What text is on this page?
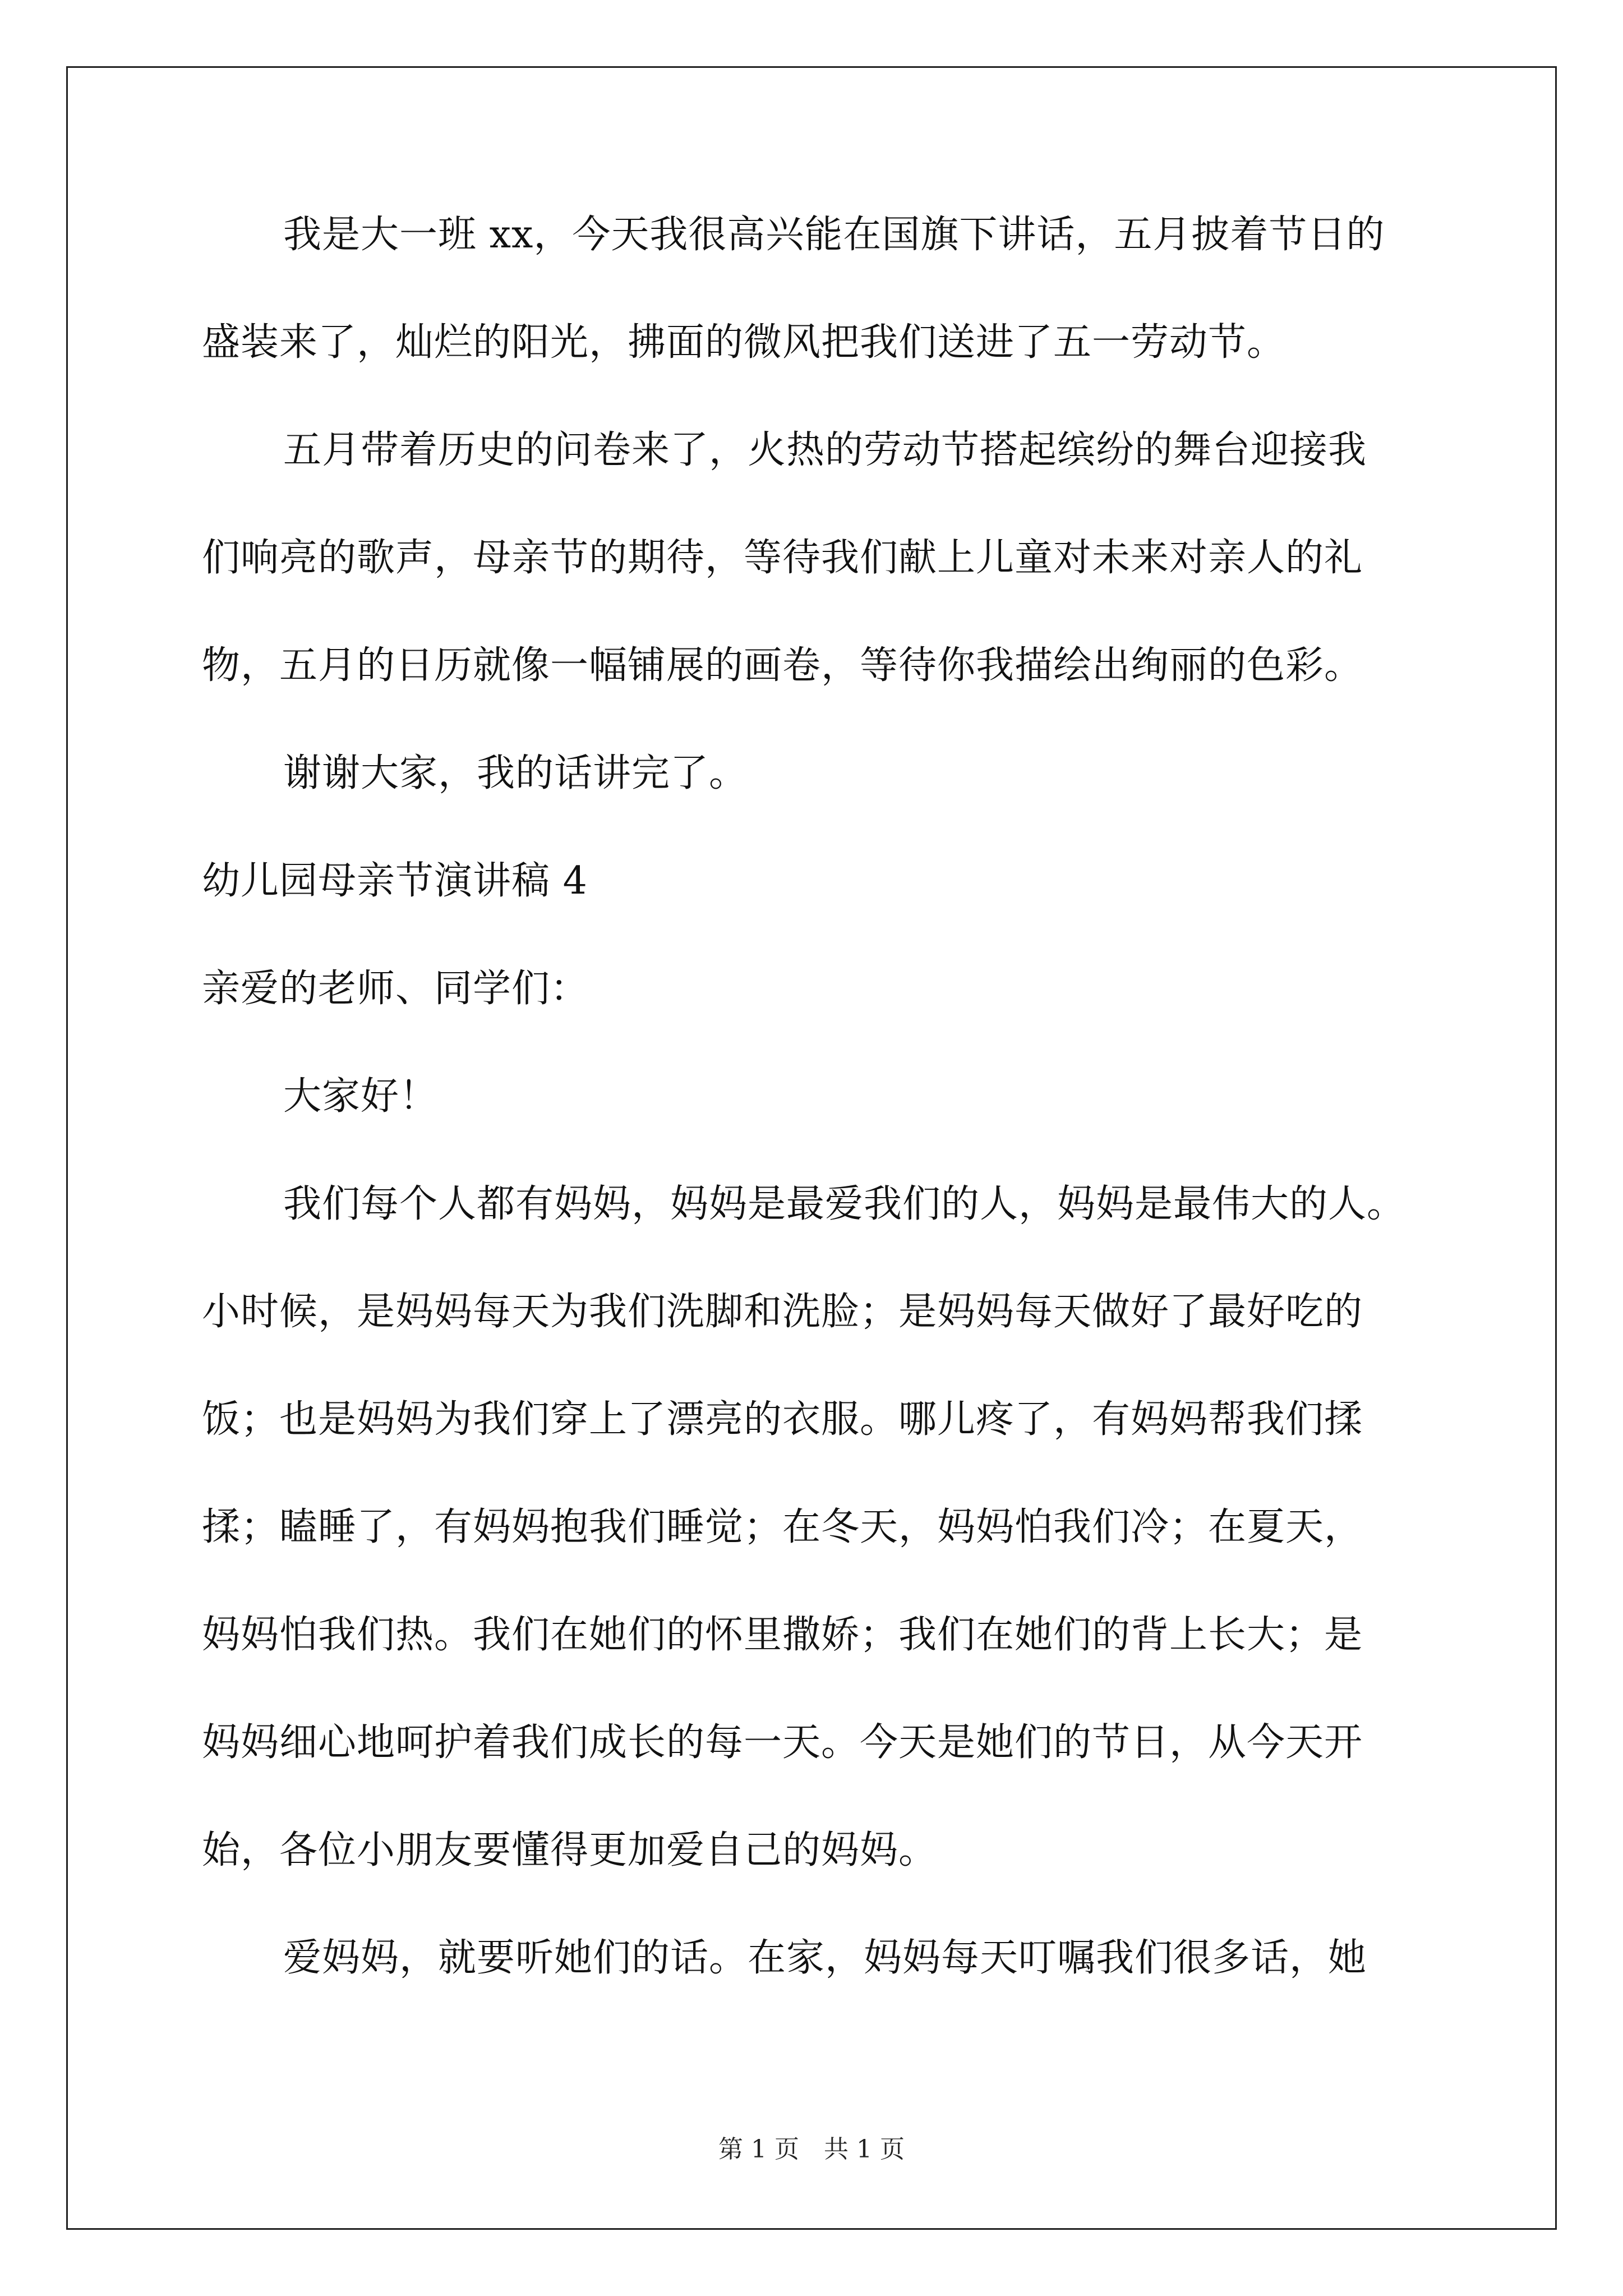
我是大一班 xx，今天我很高兴能在国旗下讲话，五月披着节日的
盛装来了，灿烂的阳光，拂面的微风把我们送进了五一劳动节。
五月带着历史的问卷来了，火热的劳动节搭起缤纷的舞台迎接我
们响亮的歌声，母亲节的期待，等待我们献上儿童对未来对亲人的礼
物，五月的日历就像一幅铺展的画卷，等待你我描绘出绚丽的色彩。
谢谢大家，我的话讲完了。
幼儿园母亲节演讲稿 4
亲爱的老师、同学们：
大家好！
我们每个人都有妈妈，妈妈是最爱我们的人，妈妈是最伟大的人。
小时候，是妈妈每天为我们洗脚和洗脸；是妈妈每天做好了最好吃的
饭；也是妈妈为我们穿上了漂亮的衣服。哪儿疼了，有妈妈帮我们揉
揉；瞌睡了，有妈妈抱我们睡觉；在冬天，妈妈怕我们冷；在夏天，
妈妈怕我们热。我们在她们的怀里撒娇；我们在她们的背上长大；是
妈妈细心地呵护着我们成长的每一天。今天是她们的节日，从今天开
始，各位小朋友要懂得更加爱自己的妈妈。
爱妈妈，就要听她们的话。在家，妈妈每天叮嘱我们很多话，她
第 1 页　共 1 页
